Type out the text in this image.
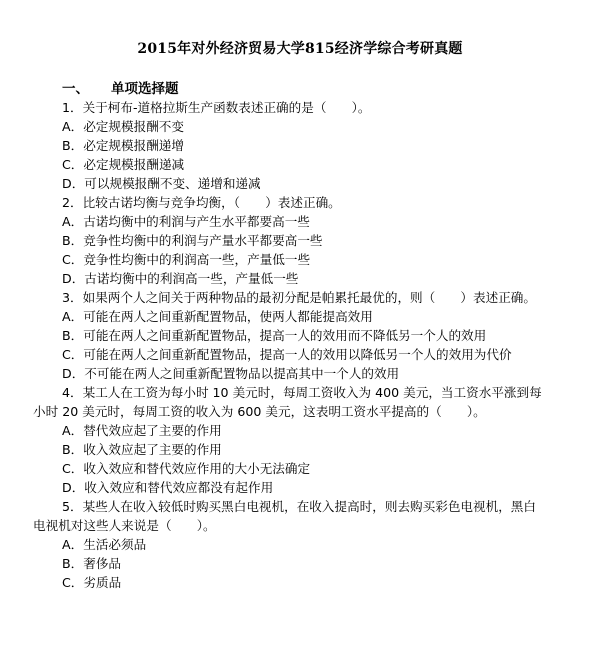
2015年对外经济贸易大学815经济学综合考研真题
一、 单项选择题
1．关于柯布-道格拉斯生产函数表述正确的是（　　）。
A．必定规模报酬不变
B．必定规模报酬递增
C．必定规模报酬递减
D．可以规模报酬不变、递增和递减
2．比较古诺均衡与竞争均衡，（　　）表述正确。
A．古诺均衡中的利润与产生水平都要高一些
B．竞争性均衡中的利润与产量水平都要高一些
C．竞争性均衡中的利润高一些，产量低一些
D．古诺均衡中的利润高一些，产量低一些
3．如果两个人之间关于两种物品的最初分配是帕累托最优的，则（　　）表述正确。
A．可能在两人之间重新配置物品，使两人都能提高效用
B．可能在两人之间重新配置物品，提高一人的效用而不降低另一个人的效用
C．可能在两人之间重新配置物品，提高一人的效用以降低另一个人的效用为代价
D．不可能在两人之间重新配置物品以提高其中一个人的效用
4．某工人在工资为每小时 10 美元时，每周工资收入为 400 美元，当工资水平涨到每
小时 20 美元时，每周工资的收入为 600 美元，这表明工资水平提高的（　　）。
A．替代效应起了主要的作用
B．收入效应起了主要的作用
C．收入效应和替代效应作用的大小无法确定
D．收入效应和替代效应都没有起作用
5．某些人在收入较低时购买黑白电视机，在收入提高时，则去购买彩色电视机，黑白
电视机对这些人来说是（　　）。
A．生活必须品
B．奢侈品
C．劣质品
